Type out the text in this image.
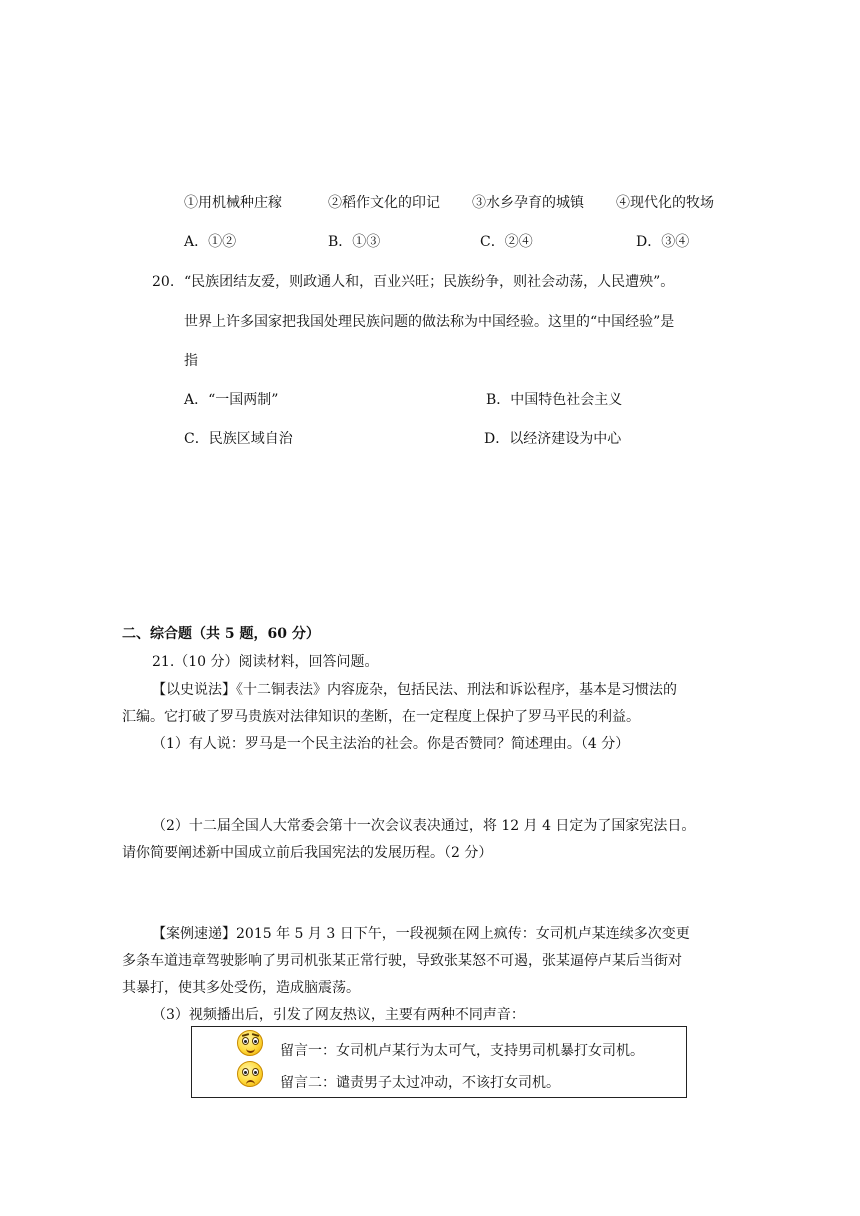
①用机械种庄稼	②稻作文化的印记 ③水乡孕育的城镇 ④现代化的牧场
A．①②	B．①③	C．②④	D．③④
20. “民族团结友爱，则政通人和，百业兴旺；民族纷争，则社会动荡，人民遭殃”。
世界上许多国家把我国处理民族问题的做法称为中国经验。这里的“中国经验”是
指
A．“一国两制”	B．中国特色社会主义
C．民族区域自治	D．以经济建设为中心
二、综合题（共 5 题，60 分）
21.（10 分）阅读材料，回答问题。
【以史说法】《十二铜表法》内容庞杂，包括民法、刑法和诉讼程序，基本是习惯法的
汇编。它打破了罗马贵族对法律知识的垄断，在一定程度上保护了罗马平民的利益。
（1）有人说：罗马是一个民主法治的社会。你是否赞同？简述理由。（4 分）
（2）十二届全国人大常委会第十一次会议表决通过，将 12 月 4 日定为了国家宪法日。
请你简要阐述新中国成立前后我国宪法的发展历程。（2 分）
【案例速递】2015 年 5 月 3 日下午，一段视频在网上疯传：女司机卢某连续多次变更
多条车道违章驾驶影响了男司机张某正常行驶，导致张某怒不可遏，张某逼停卢某后当街对
其暴打，使其多处受伤，造成脑震荡。
（3）视频播出后，引发了网友热议，主要有两种不同声音：
留言一：女司机卢某行为太可气，支持男司机暴打女司机。
留言二：谴责男子太过冲动，不该打女司机。
